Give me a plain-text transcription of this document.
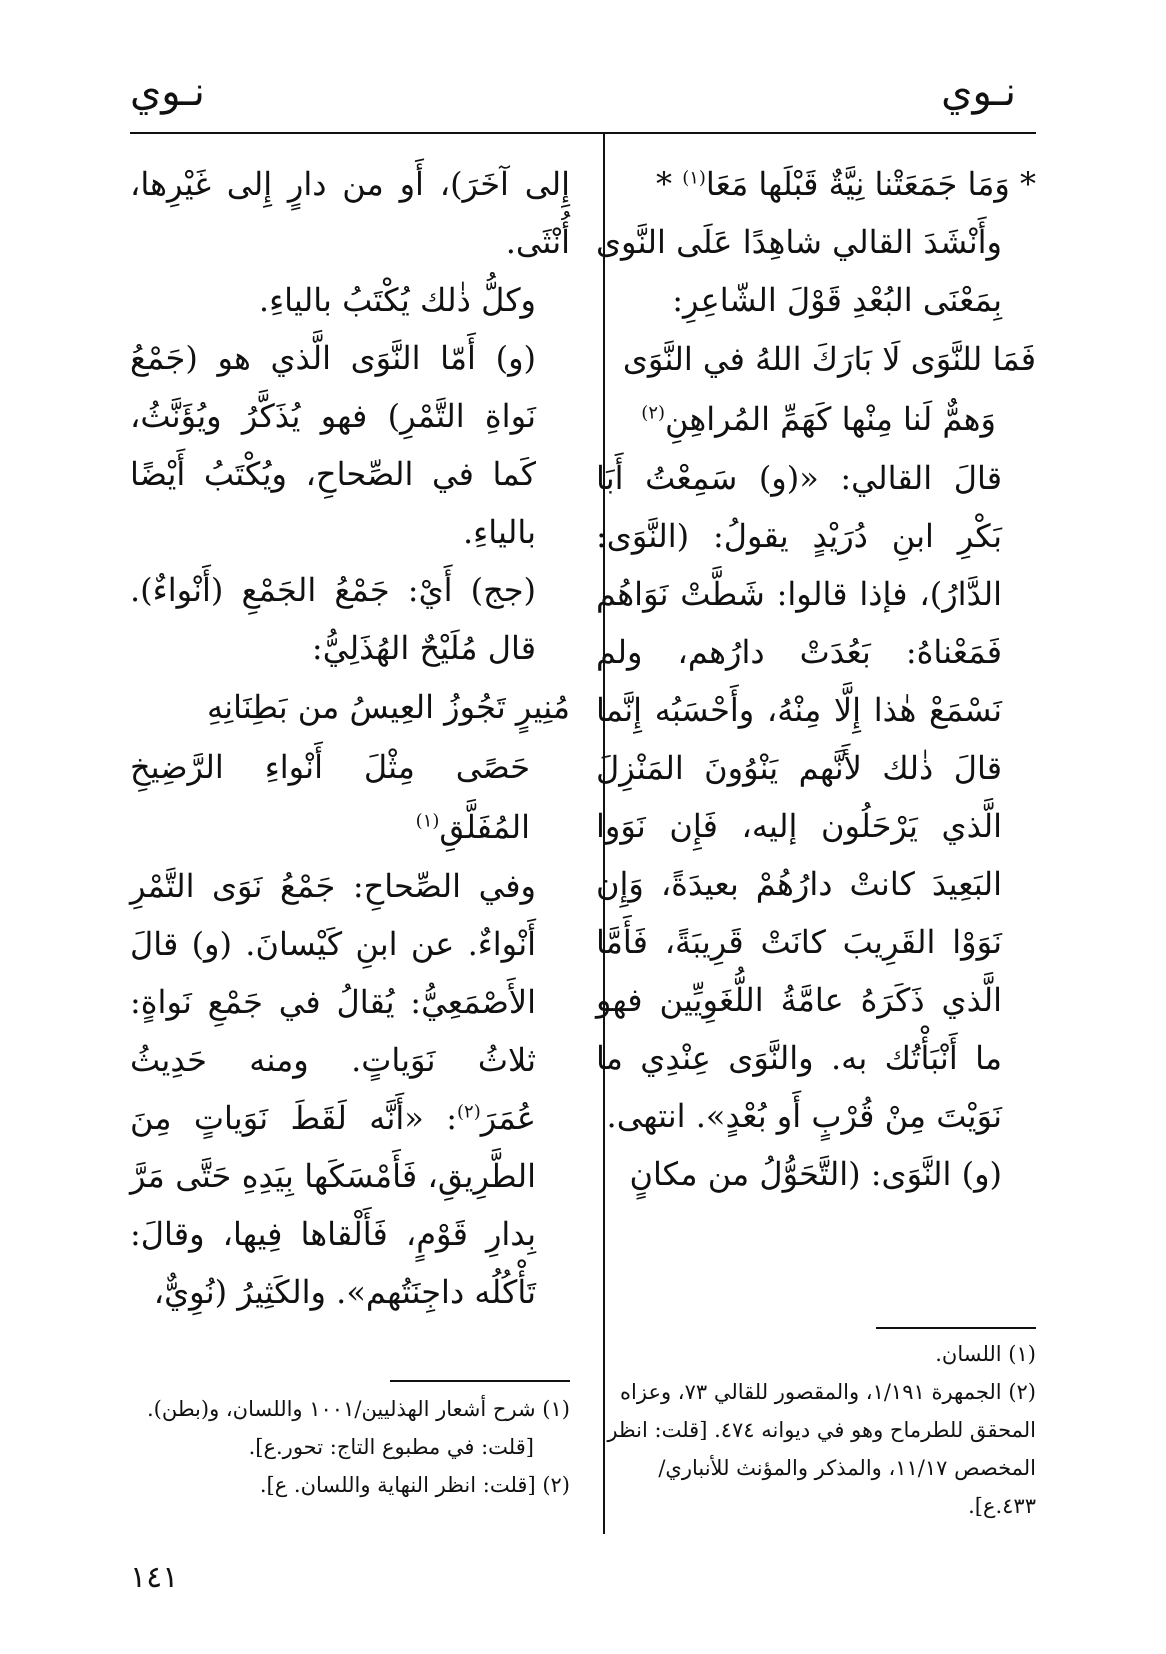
نـوي
نـوي

* وَمَا جَمَعَتْنا نِيَّةٌ قَبْلَها مَعَا$^{(١)}$ *

وأَنْشَدَ القالي شاهِدًا عَلَى النَّوى بِمَعْنَى البُعْدِ قَوْلَ الشّاعِرِ:

فَمَا للنَّوَى لَا بَارَكَ اللهُ في النَّوَى

وَهمٌّ لَنا مِنْها كَهَمِّ المُراهِنِ$^{(٢)}$

قالَ القالي: «(و) سَمِعْتُ أَبَا بَكْرِ ابنِ دُرَيْدٍ يقولُ: (النَّوَى: الدَّارُ)، فإذا قالوا: شَطَّتْ نَوَاهُم فَمَعْناهُ: بَعُدَتْ دارُهم، ولم نَسْمَعْ هٰذا إِلَّا مِنْهُ، وأَحْسَبُه إِنَّما قالَ ذٰلك لأَنَّهم يَنْوُونَ المَنْزِلَ الَّذي يَرْحَلُون إليه، فَإِن نَوَوا البَعِيدَ كانتْ دارُهُمْ بعيدَةً، وَإِن نَوَوْا القَرِيبَ كانَتْ قَرِيبَةً، فَأَمَّا الَّذي ذَكَرَهُ عامَّةُ اللُّغَوِيِّين فهو ما أَنْبَأْتُك به. والنَّوَى عِنْدِي ما نَوَيْتَ مِنْ قُرْبٍ أَو بُعْدٍ». انتهى.

(و) النَّوَى: (التَّحَوُّلُ من مكانٍ

إِلى آخَرَ)، أَو من دارٍ إِلى غَيْرِها، أُنْثَى.

وكلُّ ذٰلك يُكْتَبُ بالياءِ.

(و) أَمّا النَّوَى الَّذي هو (جَمْعُ نَواةِ التَّمْرِ) فهو يُذَكَّرُ ويُؤَنَّثُ، كَما في الصِّحاحِ، ويُكْتَبُ أَيْضًا بالياءِ.

(جج) أَيْ: جَمْعُ الجَمْعِ (أَنْواءٌ). قال مُلَيْحٌ الهُذَلِيُّ:

مُنِيرٍ تَجُوزُ العِيسُ من بَطِنَانِهِ

حَصًى مِثْلَ أَنْواءِ الرَّضِيخِ المُفَلَّقِ$^{(١)}$

وفي الصِّحاحِ: جَمْعُ نَوَى التَّمْرِ أَنْواءٌ. عن ابنِ كَيْسانَ. (و) قالَ الأَصْمَعِيُّ: يُقالُ في جَمْعِ نَواةٍ: ثلاثُ نَوَياتٍ. ومنه حَدِيثُ عُمَرَ$^{(٢)}$: «أَنَّه لَقَطَ نَوَياتٍ مِنَ الطَّرِيقِ، فَأَمْسَكَها بِيَدِهِ حَتَّى مَرَّ بِدارِ قَوْمٍ، فَأَلْقاها فِيها، وقالَ: تَأْكُلُه داجِنَتُهم». والكَثِيرُ (نُوِيٌّ،

(١) اللسان.

(٢) الجمهرة ١/١٩١، والمقصور للقالي ٧٣، وعزاه المحقق للطرماح وهو في ديوانه ٤٧٤. [قلت: انظر المخصص ١١/١٧، والمذكر والمؤنث للأنباري/٤٣٣.ع].

(١) شرح أشعار الهذليين/١٠٠١ واللسان، و(بطن).

[قلت: في مطبوع التاج: تحور.ع].

(٢) [قلت: انظر النهاية واللسان. ع].

١٤١
